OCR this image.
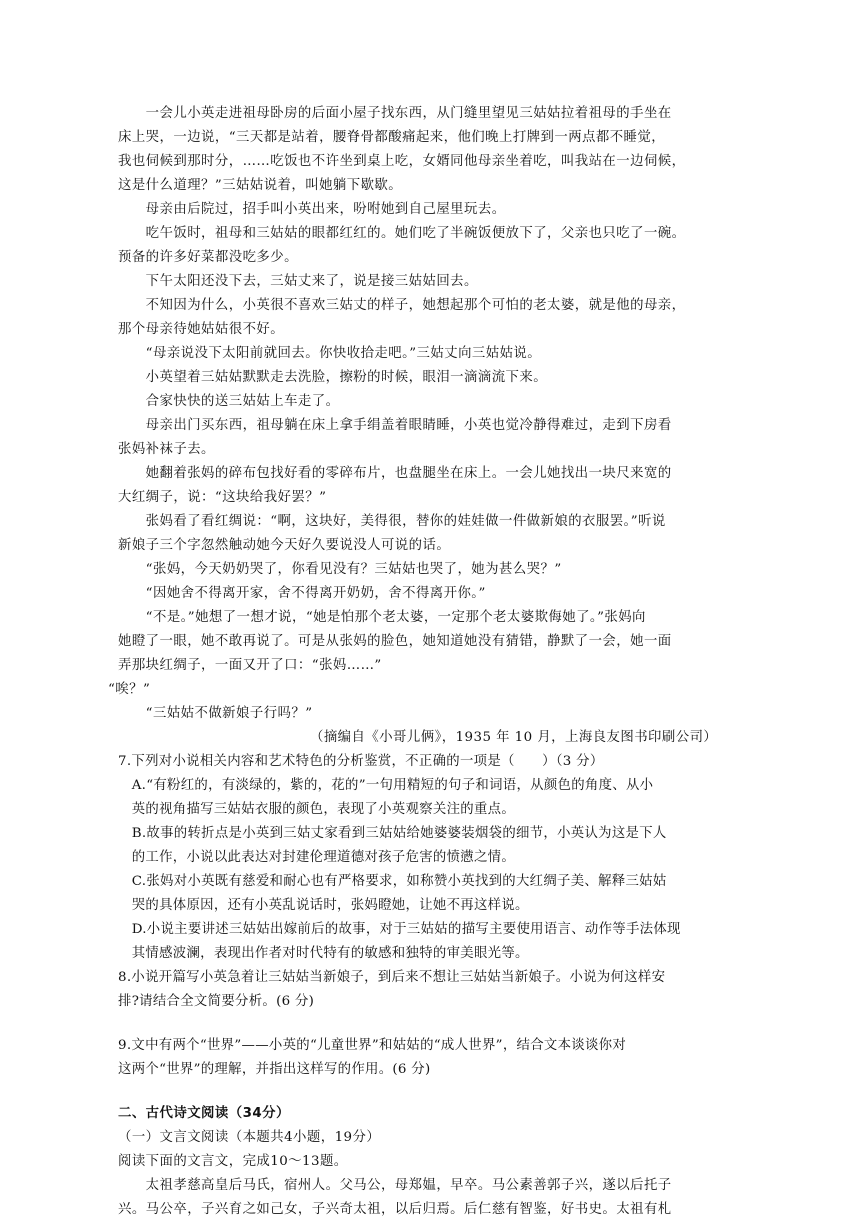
　　一会儿小英走进祖母卧房的后面小屋子找东西，从门缝里望见三姑姑拉着祖母的手坐在
床上哭，一边说，“三天都是站着，腰脊骨都酸痛起来，他们晚上打牌到一两点都不睡觉，
我也伺候到那时分，……吃饭也不许坐到桌上吃，女婿同他母亲坐着吃，叫我站在一边伺候，
这是什么道理？”三姑姑说着，叫她躺下歇歇。
　　母亲由后院过，招手叫小英出来，吩咐她到自己屋里玩去。
　　吃午饭时，祖母和三姑姑的眼都红红的。她们吃了半碗饭便放下了，父亲也只吃了一碗。
预备的许多好菜都没吃多少。
　　下午太阳还没下去，三姑丈来了，说是接三姑姑回去。
　　不知因为什么，小英很不喜欢三姑丈的样子，她想起那个可怕的老太婆，就是他的母亲，
那个母亲待她姑姑很不好。
　　“母亲说没下太阳前就回去。你快收拾走吧。”三姑丈向三姑姑说。
　　小英望着三姑姑默默走去洗脸，擦粉的时候，眼泪一滴滴流下来。
　　合家快快的送三姑姑上车走了。
　　母亲出门买东西，祖母躺在床上拿手绢盖着眼睛睡，小英也觉冷静得难过，走到下房看
张妈补袜子去。
　　她翻着张妈的碎布包找好看的零碎布片，也盘腿坐在床上。一会儿她找出一块尺来宽的
大红绸子，说：“这块给我好罢？”
　　张妈看了看红绸说：“啊，这块好，美得很，替你的娃娃做一件做新娘的衣服罢。”听说
新娘子三个字忽然触动她今天好久要说没人可说的话。
　　“张妈，今天奶奶哭了，你看见没有？三姑姑也哭了，她为甚么哭？”
　　“因她舍不得离开家，舍不得离开奶奶，舍不得离开你。”
　　“不是。”她想了一想才说，“她是怕那个老太婆，一定那个老太婆欺侮她了。”张妈向
她瞪了一眼，她不敢再说了。可是从张妈的脸色，她知道她没有猜错，静默了一会，她一面
弄那块红绸子，一面又开了口：“张妈……”
“唉？”
　　“三姑姑不做新娘子行吗？”
（摘编自《小哥儿俩》，1935 年 10 月，上海良友图书印刷公司）
7.下列对小说相关内容和艺术特色的分析鉴赏，不正确的一项是（　　）（3 分）
　A.“有粉红的，有淡绿的，紫的，花的”一句用精短的句子和词语，从颜色的角度、从小
　英的视角描写三姑姑衣服的颜色，表现了小英观察关注的重点。
　B.故事的转折点是小英到三姑丈家看到三姑姑给她婆婆装烟袋的细节，小英认为这是下人
　的工作，小说以此表达对封建伦理道德对孩子危害的愤懑之情。
　C.张妈对小英既有慈爱和耐心也有严格要求，如称赞小英找到的大红绸子美、解释三姑姑
　哭的具体原因，还有小英乱说话时，张妈瞪她，让她不再这样说。
　D.小说主要讲述三姑姑出嫁前后的故事，对于三姑姑的描写主要使用语言、动作等手法体现
　其情感波澜，表现出作者对时代特有的敏感和独特的审美眼光等。
8.小说开篇写小英急着让三姑姑当新娘子，到后来不想让三姑姑当新娘子。小说为何这样安
排?请结合全文简要分析。(6 分)
9.文中有两个“世界”——小英的“儿童世界”和姑姑的“成人世界”，结合文本谈谈你对
这两个“世界”的理解，并指出这样写的作用。(6 分)
二、古代诗文阅读（34分）
（一）文言文阅读（本题共4小题，19分）
阅读下面的文言文，完成10～13题。
　　太祖孝慈高皇后马氏，宿州人。父马公，母郑媪，早卒。马公素善郭子兴，遂以后托子
兴。马公卒，子兴育之如己女，子兴奇太祖，以后归焉。后仁慈有智鉴，好书史。太祖有札
